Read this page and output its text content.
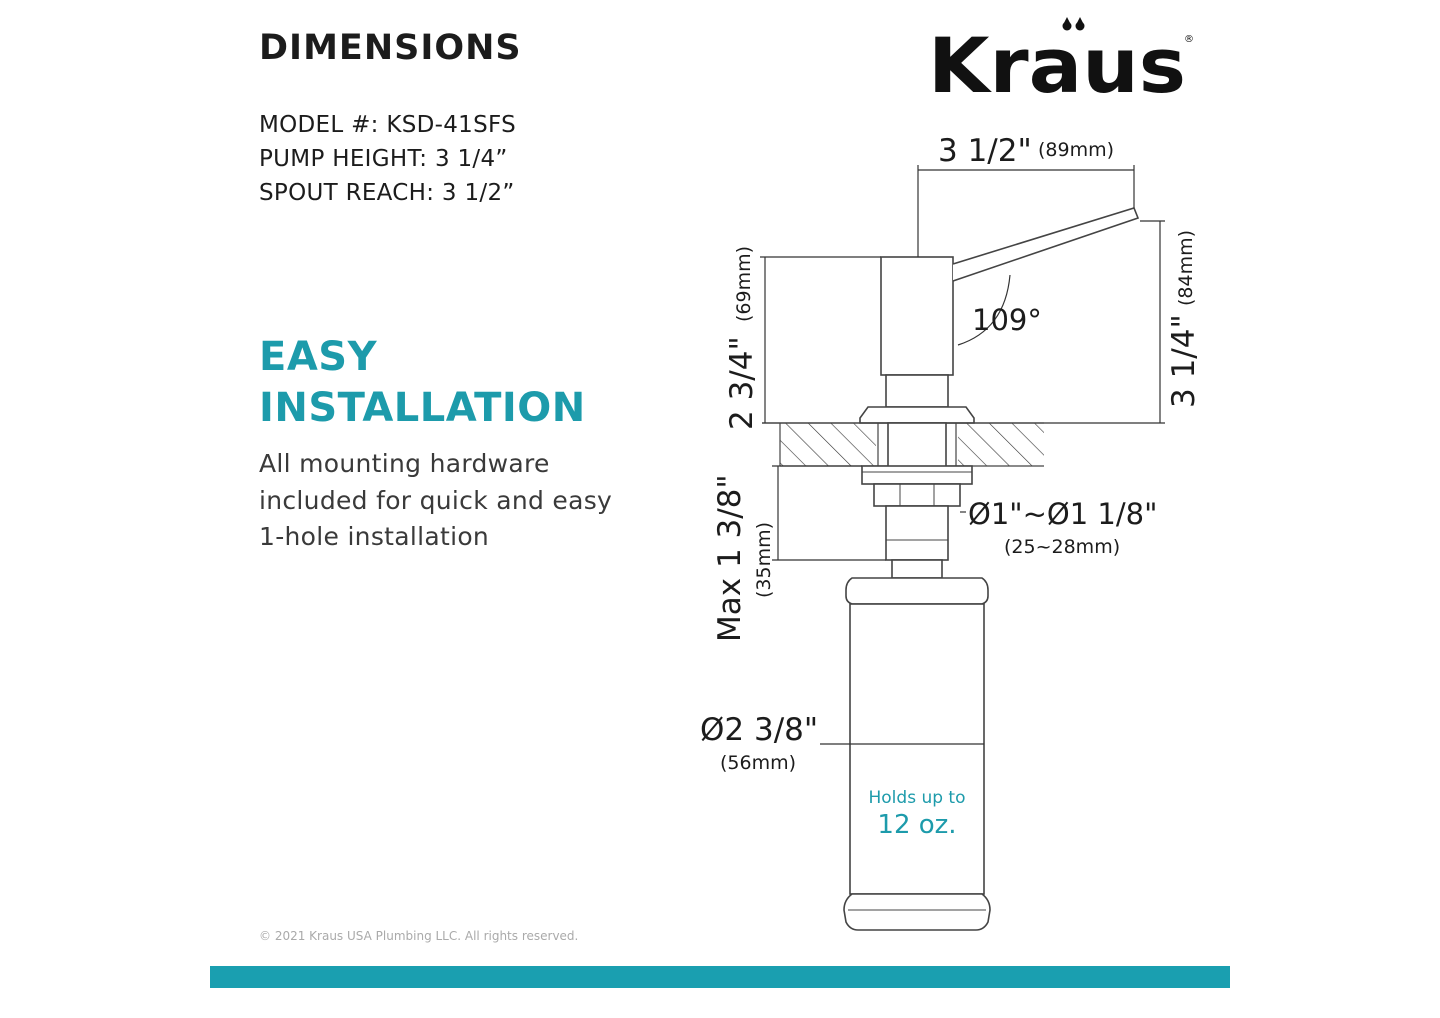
DIMENSIONS
MODEL #: KSD-41SFS
PUMP HEIGHT: 3 1/4”
SPOUT REACH: 3 1/2”
EASY
INSTALLATION

All mounting hardware included for quick and easy 1-hole installation

Kraus
®
3 1/2" (89mm)
2 3/4"
(69mm)	109°	3 1/4"
(84mm)
Ø1"~Ø1 1/8"
(25~28mm)
Max 1 3/8" (35mm)
Ø2 3/8"
(56mm)
Holds up to
12 oz.
© 2021 Kraus USA Plumbing LLC. All rights reserved.
